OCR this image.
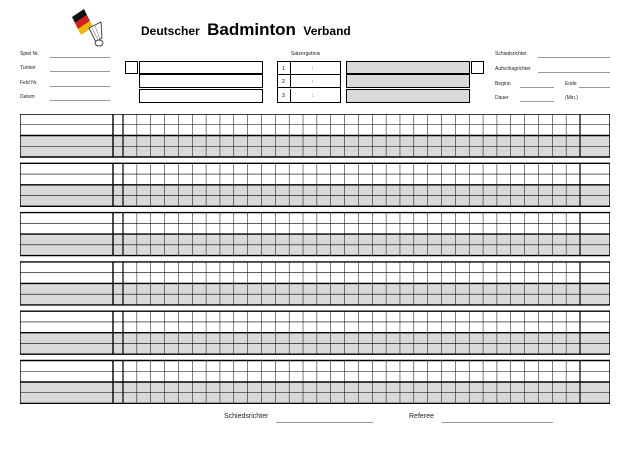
Deutscher Badminton Verband
Spiel Nr.
Turnier
Feld Nr.
Datum
Satzergebnis
1	:
2	:
3	:
Schiedsrichter
Aufschlagrichter
Beginn	Ende
Dauer	(Min.)
Schiedsrichter	Referee
